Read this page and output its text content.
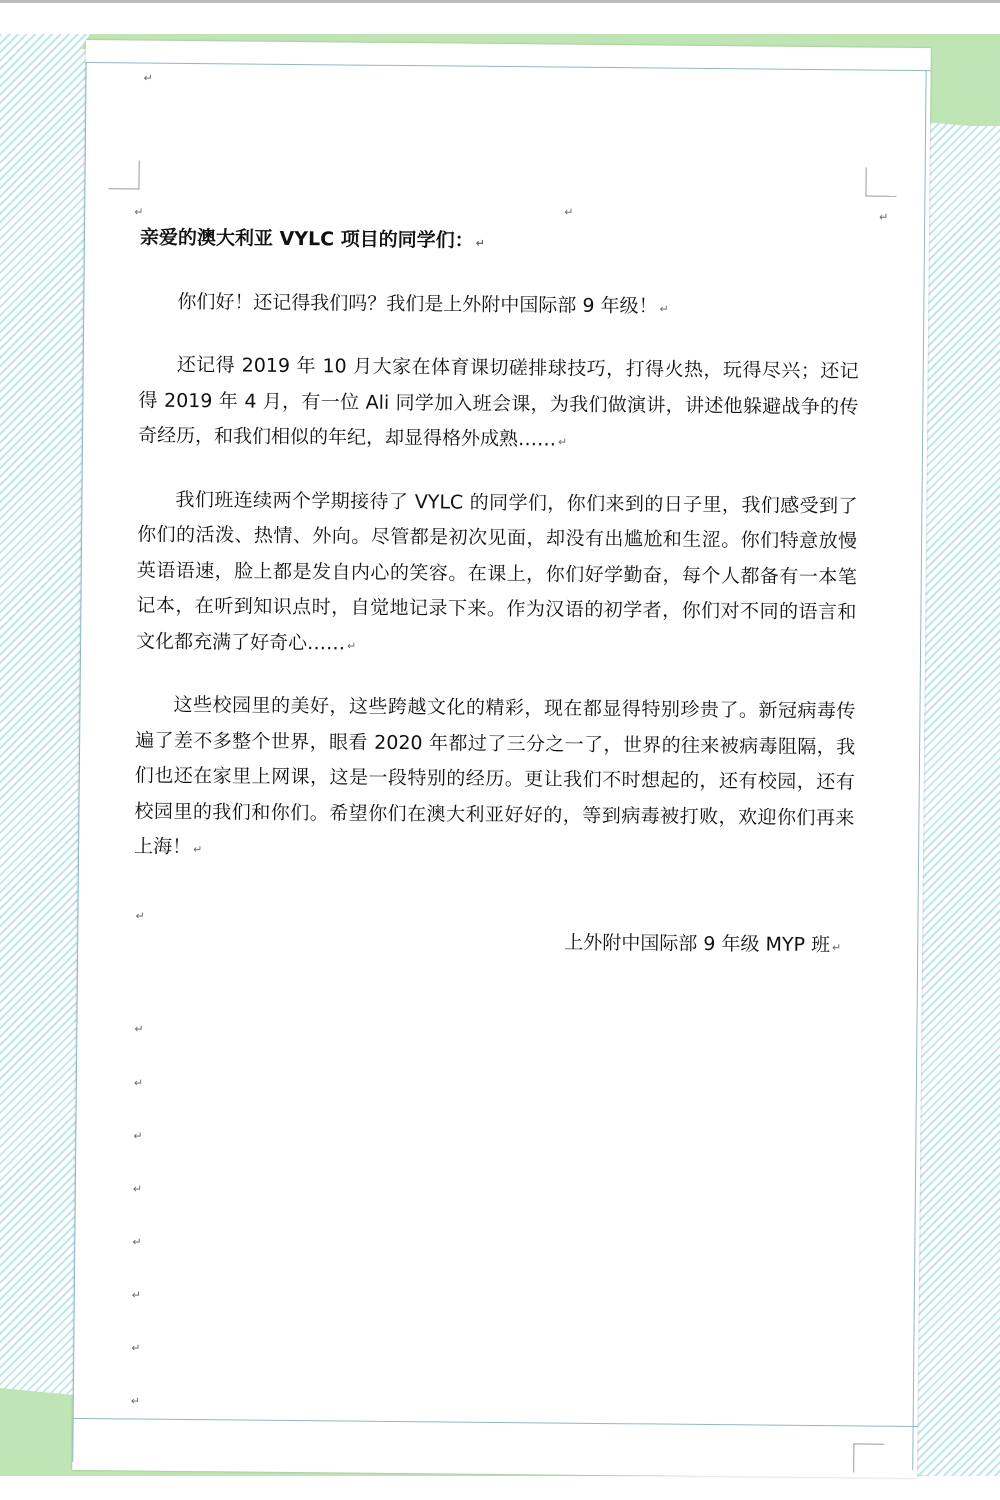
↵
↵	↵	↵

亲爱的澳大利亚 VYLC 项目的同学们： ↵

你们好！还记得我们吗？我们是上外附中国际部 9 年级！ ↵

还记得 2019 年 10 月大家在体育课切磋排球技巧，打得火热，玩得尽兴；还记得 2019 年 4 月，有一位 Ali 同学加入班会课，为我们做演讲，讲述他躲避战争的传奇经历，和我们相似的年纪，却显得格外成熟…… ↵

我们班连续两个学期接待了 VYLC 的同学们，你们来到的日子里，我们感受到了你们的活泼、热情、外向。尽管都是初次见面，却没有出尴尬和生涩。你们特意放慢英语语速，脸上都是发自内心的笑容。在课上，你们好学勤奋，每个人都备有一本笔记本，在听到知识点时，自觉地记录下来。作为汉语的初学者，你们对不同的语言和文化都充满了好奇心…… ↵

这些校园里的美好，这些跨越文化的精彩，现在都显得特别珍贵了。新冠病毒传遍了差不多整个世界，眼看 2020 年都过了三分之一了，世界的往来被病毒阻隔，我们也还在家里上网课，这是一段特别的经历。更让我们不时想起的，还有校园，还有校园里的我们和你们。希望你们在澳大利亚好好的，等到病毒被打败，欢迎你们再来上海！ ↵

上外附中国际部 9 年级 MYP 班 ↵

↵
↵
↵
↵
↵
↵
↵
↵
↵
